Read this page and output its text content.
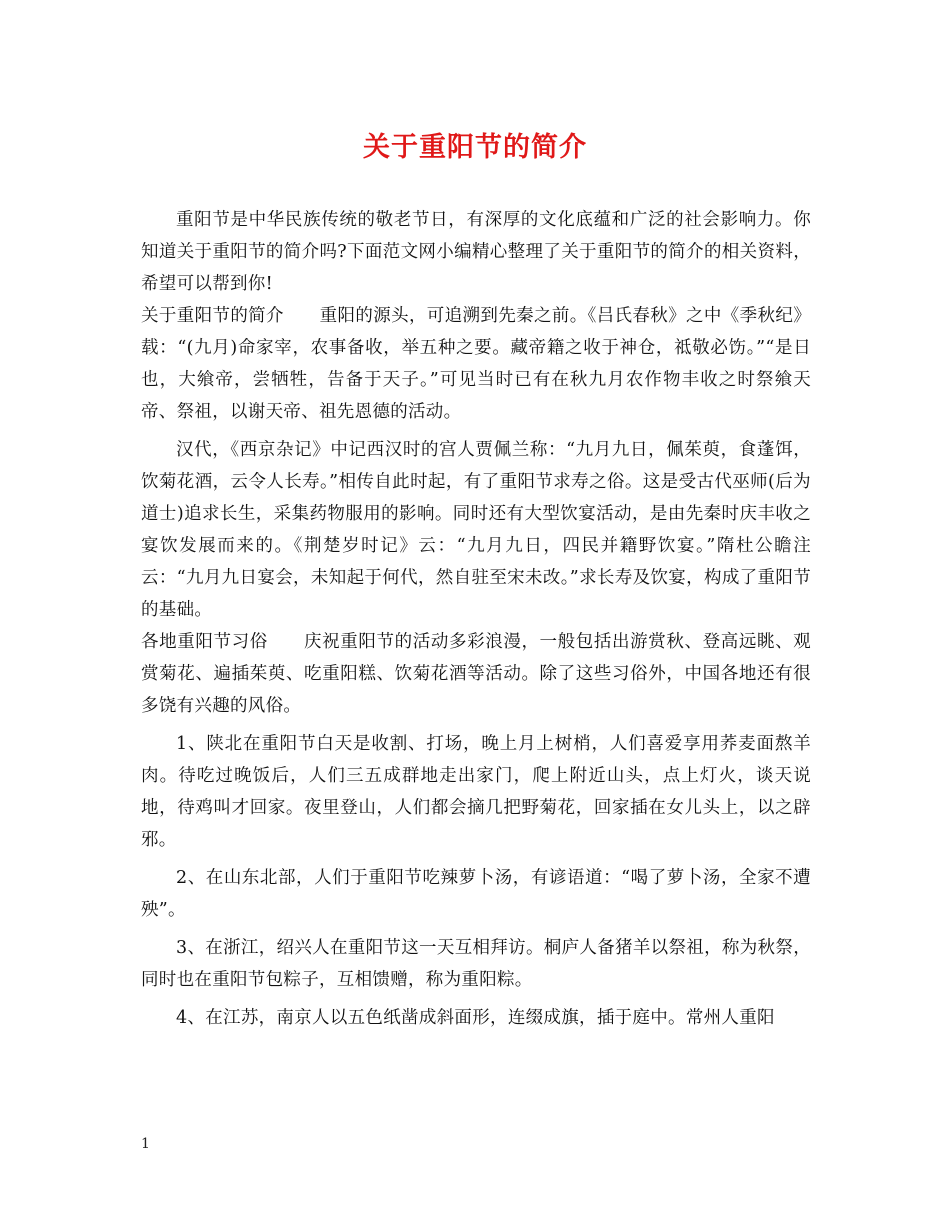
关于重阳节的简介

重阳节是中华民族传统的敬老节日，有深厚的文化底蕴和广泛的社会影响力。你知道关于重阳节的简介吗?下面范文网小编精心整理了关于重阳节的简介的相关资料，希望可以帮到你!

关于重阳节的简介　　重阳的源头，可追溯到先秦之前。《吕氏春秋》之中《季秋纪》载：“(九月)命家宰，农事备收，举五种之要。藏帝籍之收于神仓，祗敬必饬。”“是日也，大飨帝，尝牺牲，告备于天子。”可见当时已有在秋九月农作物丰收之时祭飨天帝、祭祖，以谢天帝、祖先恩德的活动。

汉代，《西京杂记》中记西汉时的宫人贾佩兰称：“九月九日，佩茱萸，食蓬饵，饮菊花酒，云令人长寿。”相传自此时起，有了重阳节求寿之俗。这是受古代巫师(后为道士)追求长生，采集药物服用的影响。同时还有大型饮宴活动，是由先秦时庆丰收之宴饮发展而来的。《荆楚岁时记》云：“九月九日，四民并籍野饮宴。”隋杜公瞻注云：“九月九日宴会，未知起于何代，然自驻至宋未改。”求长寿及饮宴，构成了重阳节的基础。

各地重阳节习俗　　庆祝重阳节的活动多彩浪漫，一般包括出游赏秋、登高远眺、观赏菊花、遍插茱萸、吃重阳糕、饮菊花酒等活动。除了这些习俗外，中国各地还有很多饶有兴趣的风俗。

1、陕北在重阳节白天是收割、打场，晚上月上树梢，人们喜爱享用荞麦面熬羊肉。待吃过晚饭后，人们三五成群地走出家门，爬上附近山头，点上灯火，谈天说地，待鸡叫才回家。夜里登山，人们都会摘几把野菊花，回家插在女儿头上，以之辟邪。

2、在山东北部，人们于重阳节吃辣萝卜汤，有谚语道：“喝了萝卜汤，全家不遭殃”。

3、在浙江，绍兴人在重阳节这一天互相拜访。桐庐人备猪羊以祭祖，称为秋祭，同时也在重阳节包粽子，互相馈赠，称为重阳粽。

4、在江苏，南京人以五色纸凿成斜面形，连缀成旗，插于庭中。常州人重阳

1
